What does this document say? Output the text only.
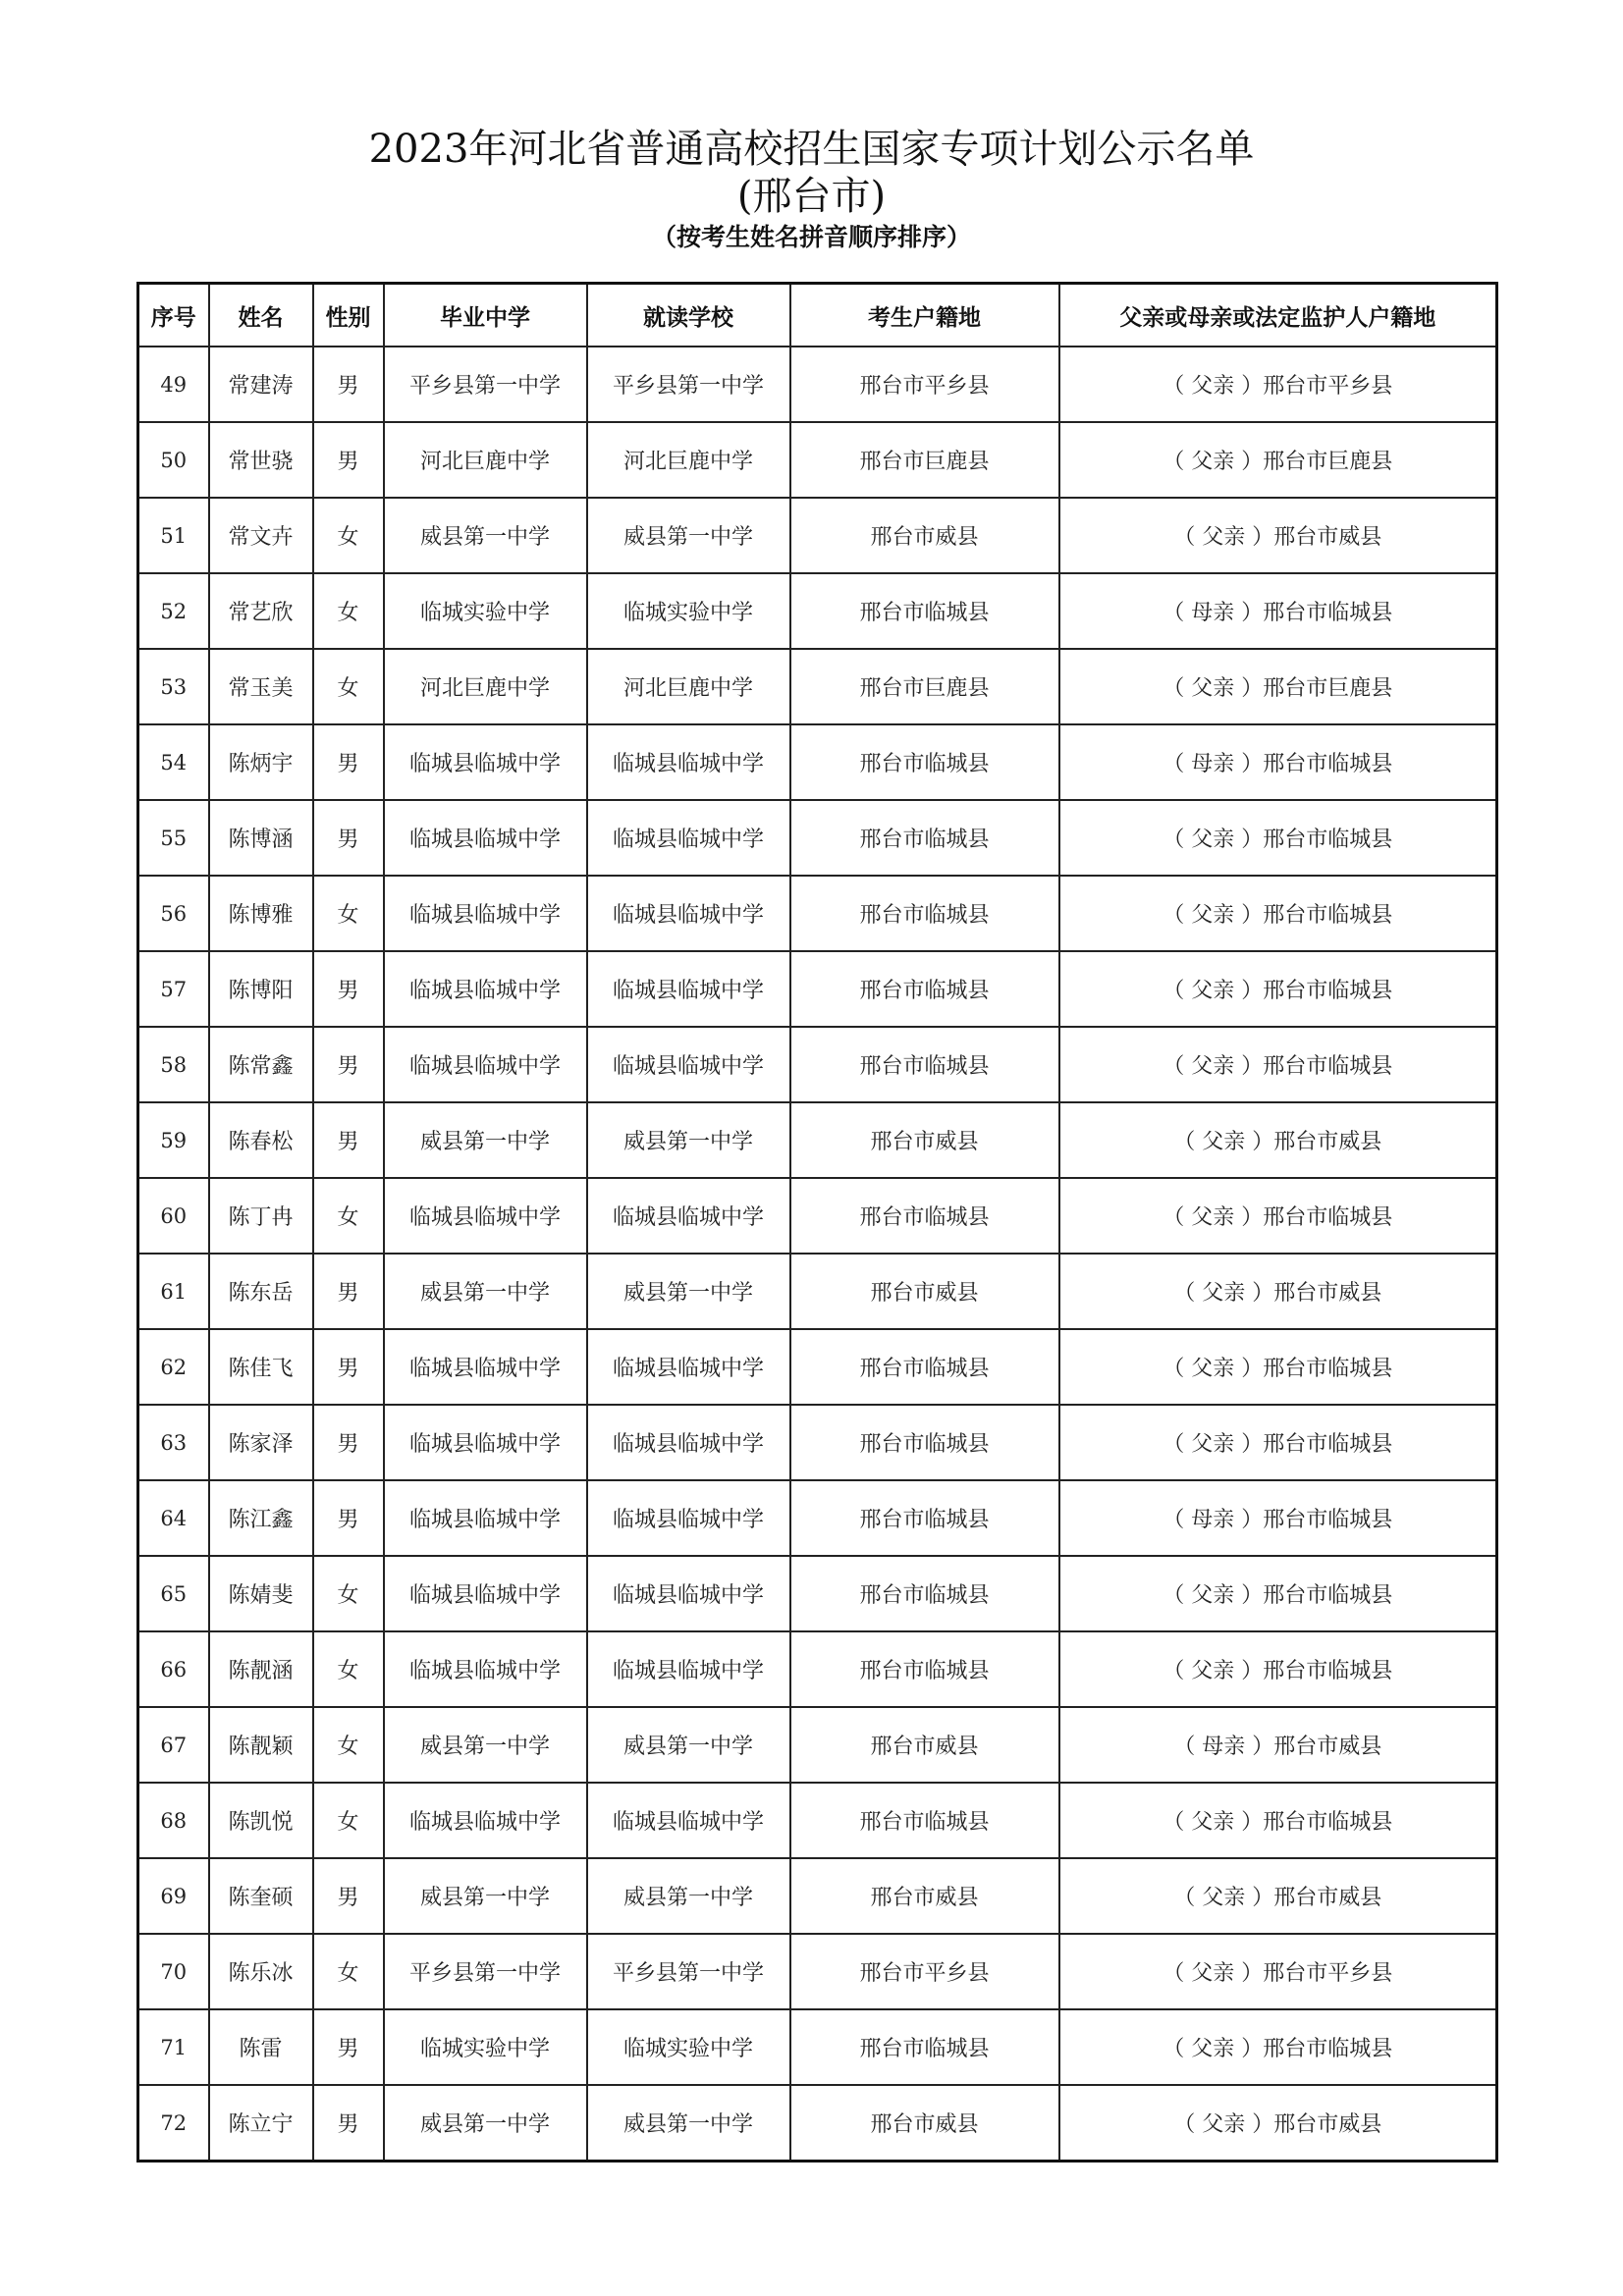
2023年河北省普通高校招生国家专项计划公示名单

(邢台市)

（按考生姓名拼音顺序排序）

序号	姓名	性别	毕业中学	就读学校	考生户籍地	父亲或母亲或法定监护人户籍地
49	常建涛	男	平乡县第一中学	平乡县第一中学	邢台市平乡县	（ 父亲 ）邢台市平乡县
50	常世骁	男	河北巨鹿中学	河北巨鹿中学	邢台市巨鹿县	（ 父亲 ）邢台市巨鹿县
51	常文卉	女	威县第一中学	威县第一中学	邢台市威县	（ 父亲 ）邢台市威县
52	常艺欣	女	临城实验中学	临城实验中学	邢台市临城县	（ 母亲 ）邢台市临城县
53	常玉美	女	河北巨鹿中学	河北巨鹿中学	邢台市巨鹿县	（ 父亲 ）邢台市巨鹿县
54	陈炳宇	男	临城县临城中学	临城县临城中学	邢台市临城县	（ 母亲 ）邢台市临城县
55	陈博涵	男	临城县临城中学	临城县临城中学	邢台市临城县	（ 父亲 ）邢台市临城县
56	陈博雅	女	临城县临城中学	临城县临城中学	邢台市临城县	（ 父亲 ）邢台市临城县
57	陈博阳	男	临城县临城中学	临城县临城中学	邢台市临城县	（ 父亲 ）邢台市临城县
58	陈常鑫	男	临城县临城中学	临城县临城中学	邢台市临城县	（ 父亲 ）邢台市临城县
59	陈春松	男	威县第一中学	威县第一中学	邢台市威县	（ 父亲 ）邢台市威县
60	陈丁冉	女	临城县临城中学	临城县临城中学	邢台市临城县	（ 父亲 ）邢台市临城县
61	陈东岳	男	威县第一中学	威县第一中学	邢台市威县	（ 父亲 ）邢台市威县
62	陈佳飞	男	临城县临城中学	临城县临城中学	邢台市临城县	（ 父亲 ）邢台市临城县
63	陈家泽	男	临城县临城中学	临城县临城中学	邢台市临城县	（ 父亲 ）邢台市临城县
64	陈江鑫	男	临城县临城中学	临城县临城中学	邢台市临城县	（ 母亲 ）邢台市临城县
65	陈婧斐	女	临城县临城中学	临城县临城中学	邢台市临城县	（ 父亲 ）邢台市临城县
66	陈靓涵	女	临城县临城中学	临城县临城中学	邢台市临城县	（ 父亲 ）邢台市临城县
67	陈靓颖	女	威县第一中学	威县第一中学	邢台市威县	（ 母亲 ）邢台市威县
68	陈凯悦	女	临城县临城中学	临城县临城中学	邢台市临城县	（ 父亲 ）邢台市临城县
69	陈奎硕	男	威县第一中学	威县第一中学	邢台市威县	（ 父亲 ）邢台市威县
70	陈乐冰	女	平乡县第一中学	平乡县第一中学	邢台市平乡县	（ 父亲 ）邢台市平乡县
71	陈雷	男	临城实验中学	临城实验中学	邢台市临城县	（ 父亲 ）邢台市临城县
72	陈立宁	男	威县第一中学	威县第一中学	邢台市威县	（ 父亲 ）邢台市威县
